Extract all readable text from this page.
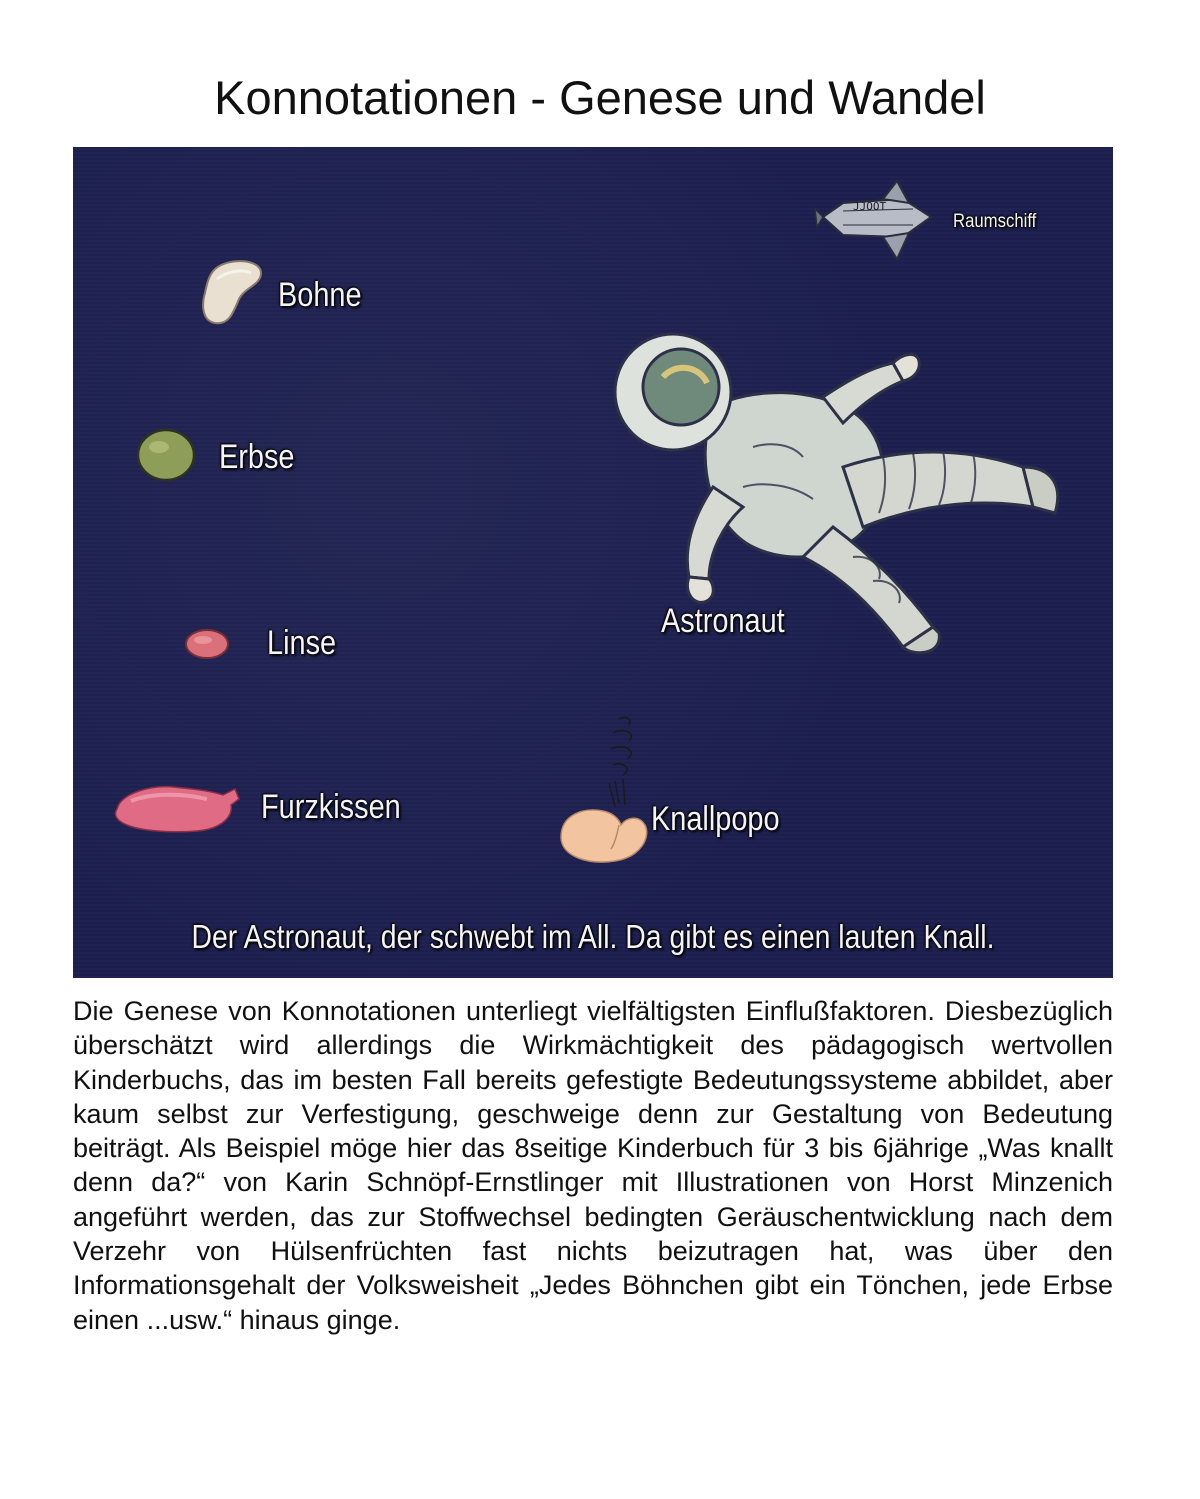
Konnotationen - Genese und Wandel
Bohne
Erbse
Linse
Furzkissen
JJOOT
Raumschiff
Astronaut
Knallpopo
Der Astronaut, der schwebt im All. Da gibt es einen lauten Knall.
Die Genese von Konnotationen unterliegt vielfältigsten Einflußfaktoren. Diesbezüglich überschätzt wird allerdings die Wirkmächtigkeit des pädagogisch wertvollen Kinderbuchs, das im besten Fall bereits gefestigte Bedeutungssysteme abbildet, aber kaum selbst zur Verfestigung, geschweige denn zur Gestaltung von Bedeutung beiträgt. Als Beispiel möge hier das 8seitige Kinderbuch für 3 bis 6jährige „Was knallt denn da?“ von Karin Schnöpf-Ernstlinger mit Illustrationen von Horst Minzenich angeführt werden, das zur Stoffwechsel bedingten Geräuschentwicklung nach dem Verzehr von Hülsenfrüchten fast nichts beizutragen hat, was über den Informationsgehalt der Volksweisheit „Jedes Böhnchen gibt ein Tönchen, jede Erbse einen ...usw.“ hinaus ginge.
